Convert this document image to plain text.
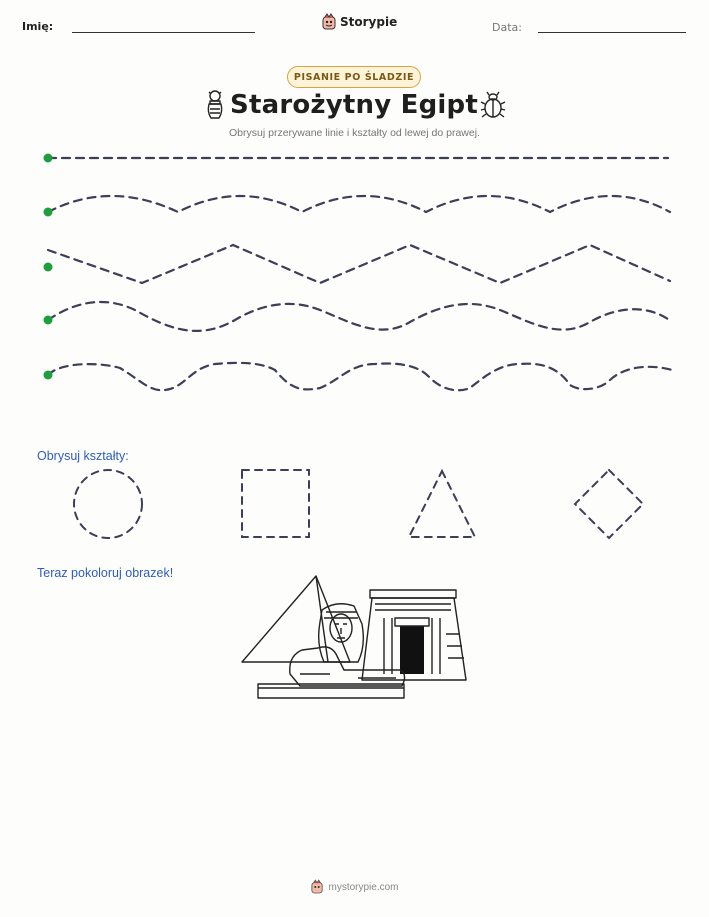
Imię:	Storypie	Data:
PISANIE PO ŚLADZIE
Starożytny Egipt
Obrysuj przerywane linie i kształty od lewej do prawej.
Obrysuj kształty:
Teraz pokoloruj obrazek!
mystorypie.com
